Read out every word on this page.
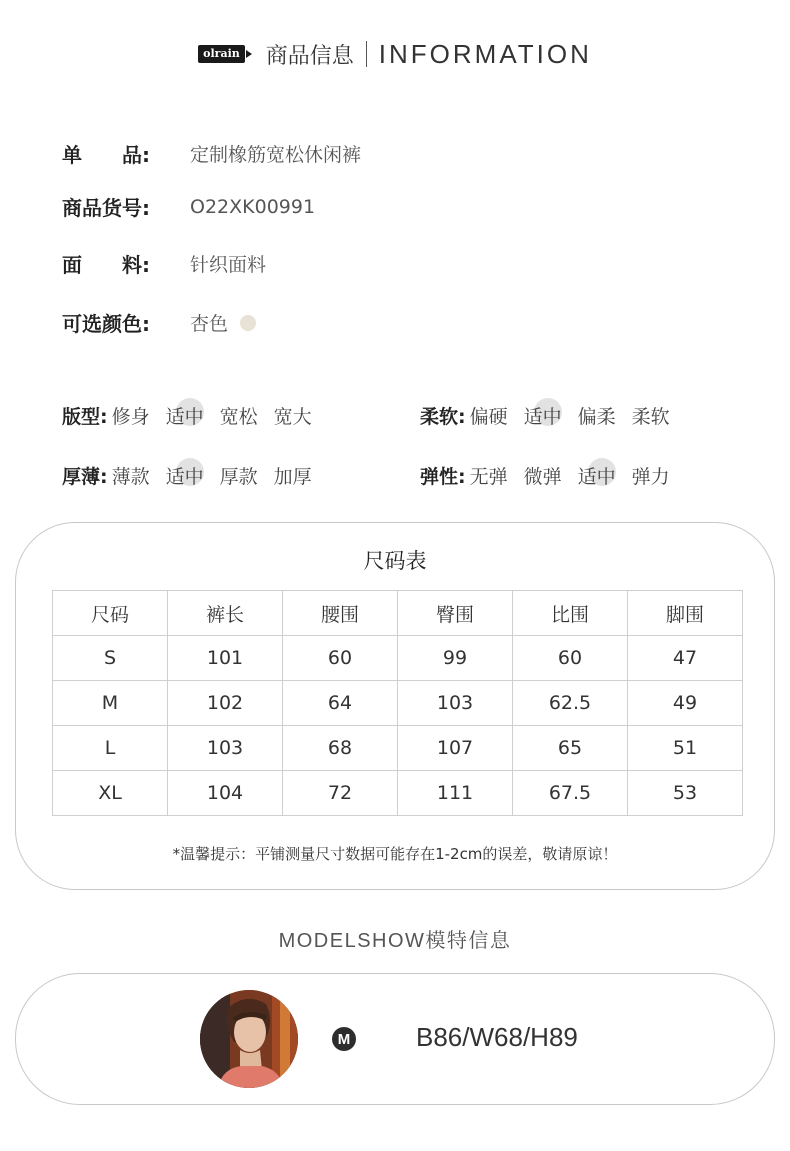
olrain 商品信息 INFORMATION
单　　品:	定制橡筋宽松休闲裤
商品货号:	O22XK00991
面　　料:	针织面料
可选颜色:	杏色
版型: 修身 适中 宽松 宽大	柔软: 偏硬 适中 偏柔 柔软
厚薄: 薄款 适中 厚款 加厚	弹性: 无弹 微弹 适中 弹力
尺码表
尺码	裤长	腰围	臀围	比围	脚围
S	101	60	99	60	47
M	102	64	103	62.5	49
L	103	68	107	65	51
XL	104	72	111	67.5	53
*温馨提示：平铺测量尺寸数据可能存在1-2cm的误差，敬请原谅！
MODELSHOW模特信息
M	B86/W68/H89
